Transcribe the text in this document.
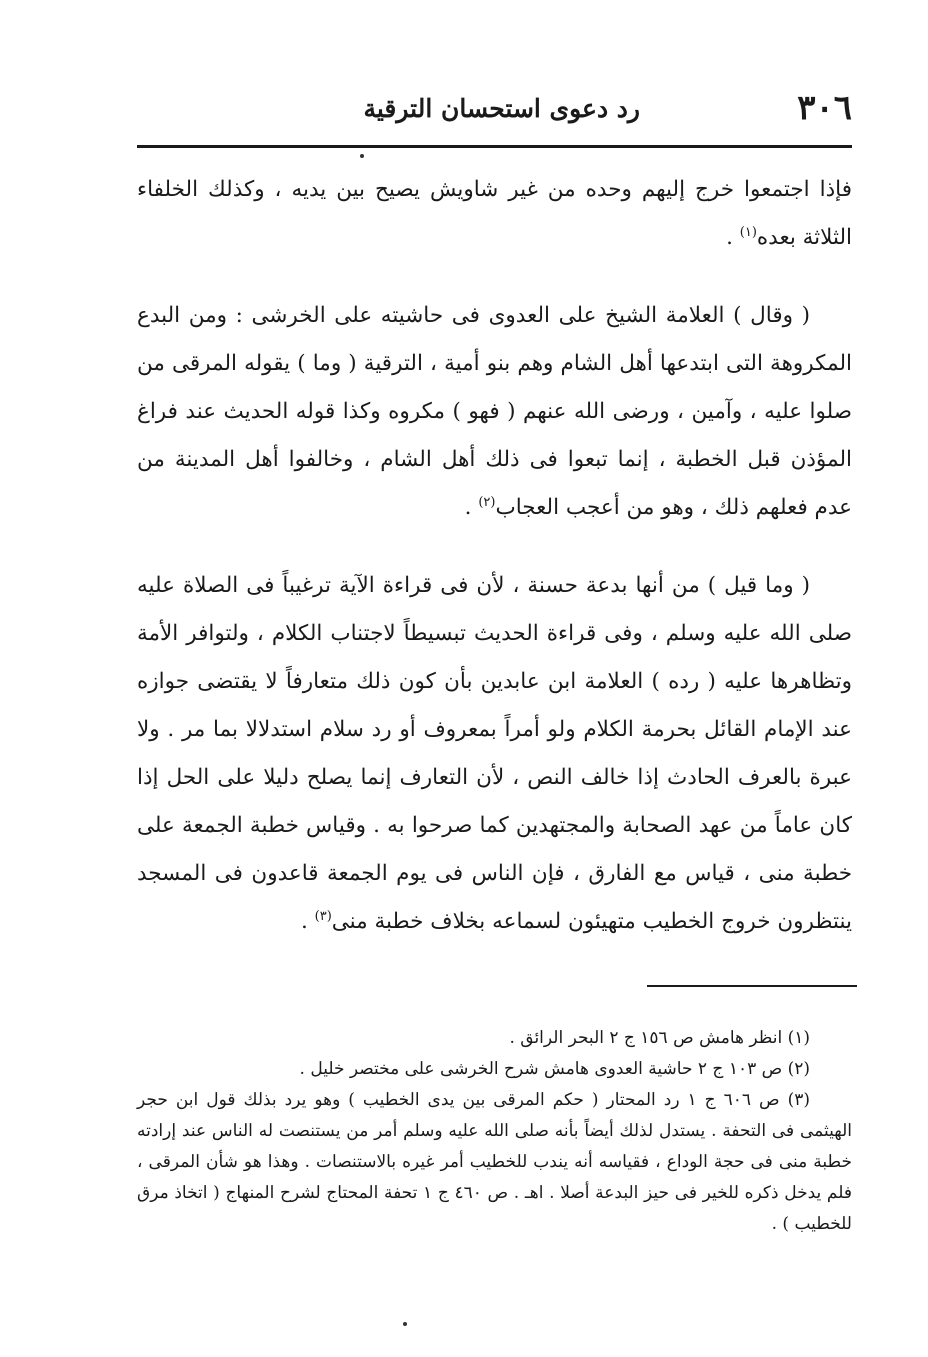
٣٠٦
رد دعوى استحسان الترقية

فإذا اجتمعوا خرج إليهم وحده من غير شاويش يصيح بين يديه ، وكذلك الخلفاء الثلاثة بعده$^{(١)}$ .

( وقال ) العلامة الشيخ على العدوى فى حاشيته على الخرشى : ومن البدع المكروهة التى ابتدعها أهل الشام وهم بنو أمية ، الترقية ( وما ) يقوله المرقى من صلوا عليه ، وآمين ، ورضى الله عنهم ( فهو ) مكروه وكذا قوله الحديث عند فراغ المؤذن قبل الخطبة ، إنما تبعوا فى ذلك أهل الشام ، وخالفوا أهل المدينة من عدم فعلهم ذلك ، وهو من أعجب العجاب$^{(٢)}$ .

( وما قيل ) من أنها بدعة حسنة ، لأن فى قراءة الآية ترغيباً فى الصلاة عليه صلى الله عليه وسلم ، وفى قراءة الحديث تبسيطاً لاجتناب الكلام ، ولتوافر الأمة وتظاهرها عليه ( رده ) العلامة ابن عابدين بأن كون ذلك متعارفاً لا يقتضى جوازه عند الإمام القائل بحرمة الكلام ولو أمراً بمعروف أو رد سلام استدلالا بما مر . ولا عبرة بالعرف الحادث إذا خالف النص ، لأن التعارف إنما يصلح دليلا على الحل إذا كان عاماً من عهد الصحابة والمجتهدين كما صرحوا به . وقياس خطبة الجمعة على خطبة منى ، قياس مع الفارق ، فإن الناس فى يوم الجمعة قاعدون فى المسجد ينتظرون خروج الخطيب متهيئون لسماعه بخلاف خطبة منى$^{(٣)}$ .

(١) انظر هامش ص ١٥٦ ج ٢ البحر الرائق .

(٢) ص ١٠٣ ج ٢ حاشية العدوى هامش شرح الخرشى على مختصر خليل .

(٣) ص ٦٠٦ ج ١ رد المحتار ( حكم المرقى بين يدى الخطيب ) وهو يرد بذلك قول ابن حجر الهيثمى فى التحفة . يستدل لذلك أيضاً بأنه صلى الله عليه وسلم أمر من يستنصت له الناس عند إرادته خطبة منى فى حجة الوداع ، فقياسه أنه يندب للخطيب أمر غيره بالاستنصات . وهذا هو شأن المرقى ، فلم يدخل ذكره للخير فى حيز البدعة أصلا . اهـ . ص ٤٦٠ ج ١ تحفة المحتاج لشرح المنهاج ( اتخاذ مرق للخطيب ) .
